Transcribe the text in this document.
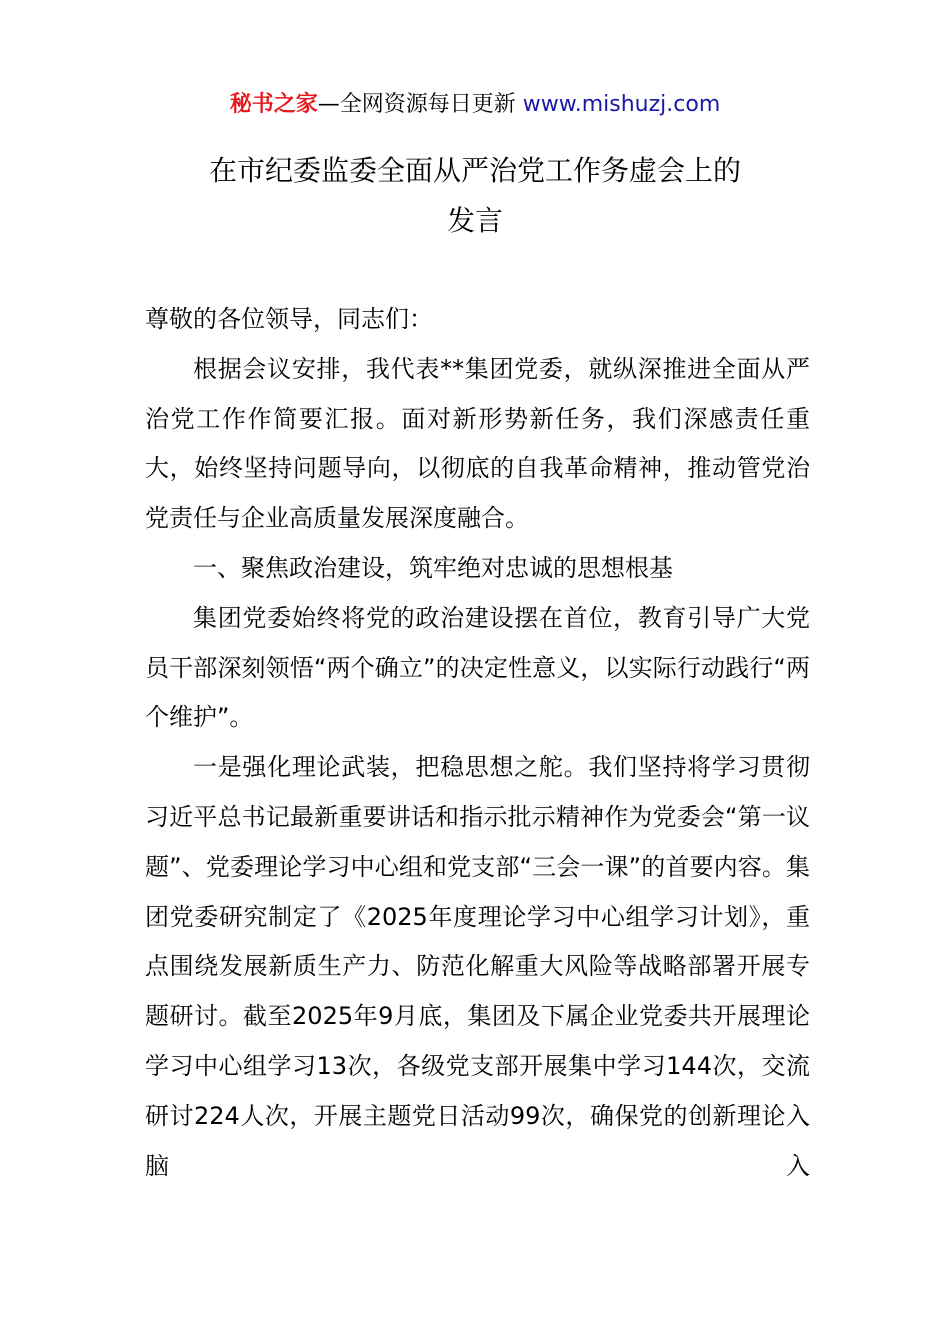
秘书之家—全网资源每日更新 www.mishuzj.com
在市纪委监委全面从严治党工作务虚会上的
发言

尊敬的各位领导，同志们：

根据会议安排，我代表**集团党委，就纵深推进全面从严治党工作作简要汇报。面对新形势新任务，我们深感责任重大，始终坚持问题导向，以彻底的自我革命精神，推动管党治党责任与企业高质量发展深度融合。

一、聚焦政治建设，筑牢绝对忠诚的思想根基

集团党委始终将党的政治建设摆在首位，教育引导广大党员干部深刻领悟“两个确立”的决定性意义，以实际行动践行“两个维护”。

一是强化理论武装，把稳思想之舵。我们坚持将学习贯彻习近平总书记最新重要讲话和指示批示精神作为党委会“第一议题”、党委理论学习中心组和党支部“三会一课”的首要内容。集团党委研究制定了《2025年度理论学习中心组学习计划》，重点围绕发展新质生产力、防范化解重大风险等战略部署开展专题研讨。截至2025年9月底，集团及下属企业党委共开展理论学习中心组学习13次，各级党支部开展集中学习144次，交流研讨224人次，开展主题党日活动99次，确保党的创新理论入脑入
